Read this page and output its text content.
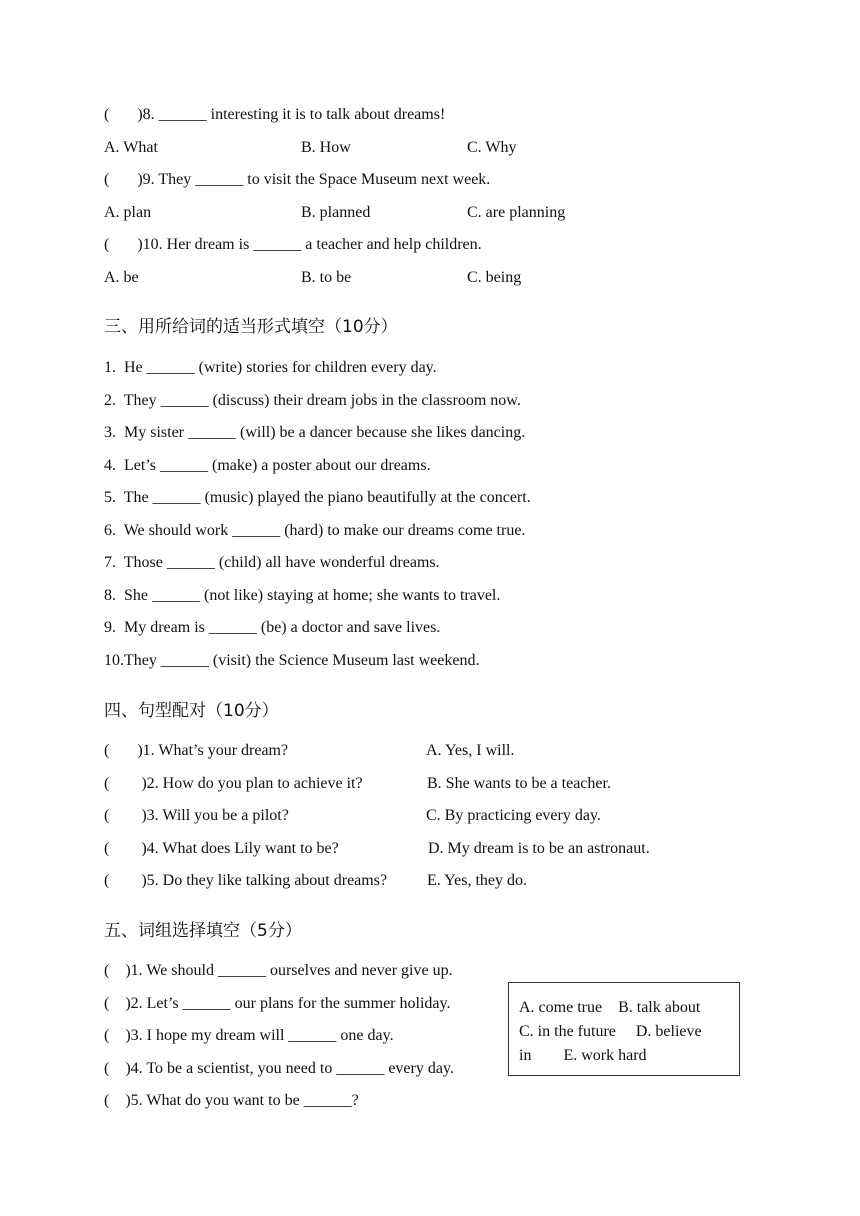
(       )8. ______ interesting it is to talk about dreams!
A. What	B. How	C. Why
(       )9. They ______ to visit the Space Museum next week.
A. plan	B. planned	C. are planning
(       )10. Her dream is ______ a teacher and help children.
A. be	B. to be	C. being
三、用所给词的适当形式填空（10分）
1.  He ______ (write) stories for children every day.
2.  They ______ (discuss) their dream jobs in the classroom now.
3.  My sister ______ (will) be a dancer because she likes dancing.
4.  Let’s ______ (make) a poster about our dreams.
5.  The ______ (music) played the piano beautifully at the concert.
6.  We should work ______ (hard) to make our dreams come true.
7.  Those ______ (child) all have wonderful dreams.
8.  She ______ (not like) staying at home; she wants to travel.
9.  My dream is ______ (be) a doctor and save lives.
10.They ______ (visit) the Science Museum last weekend.
四、句型配对（10分）
(       )1. What’s your dream?	A. Yes, I will.
(        )2. How do you plan to achieve it?	B. She wants to be a teacher.
(        )3. Will you be a pilot?	C. By practicing every day.
(        )4. What does Lily want to be?	D. My dream is to be an astronaut.
(        )5. Do they like talking about dreams? E. Yes, they do.
五、词组选择填空（5分）
(    )1. We should ______ ourselves and never give up.
(    )2. Let’s ______ our plans for the summer holiday.
(    )3. I hope my dream will ______ one day.
(    )4. To be a scientist, you need to ______ every day.
(    )5. What do you want to be ______?
A. come true    B. talk about
C. in the future     D. believe
in        E. work hard
